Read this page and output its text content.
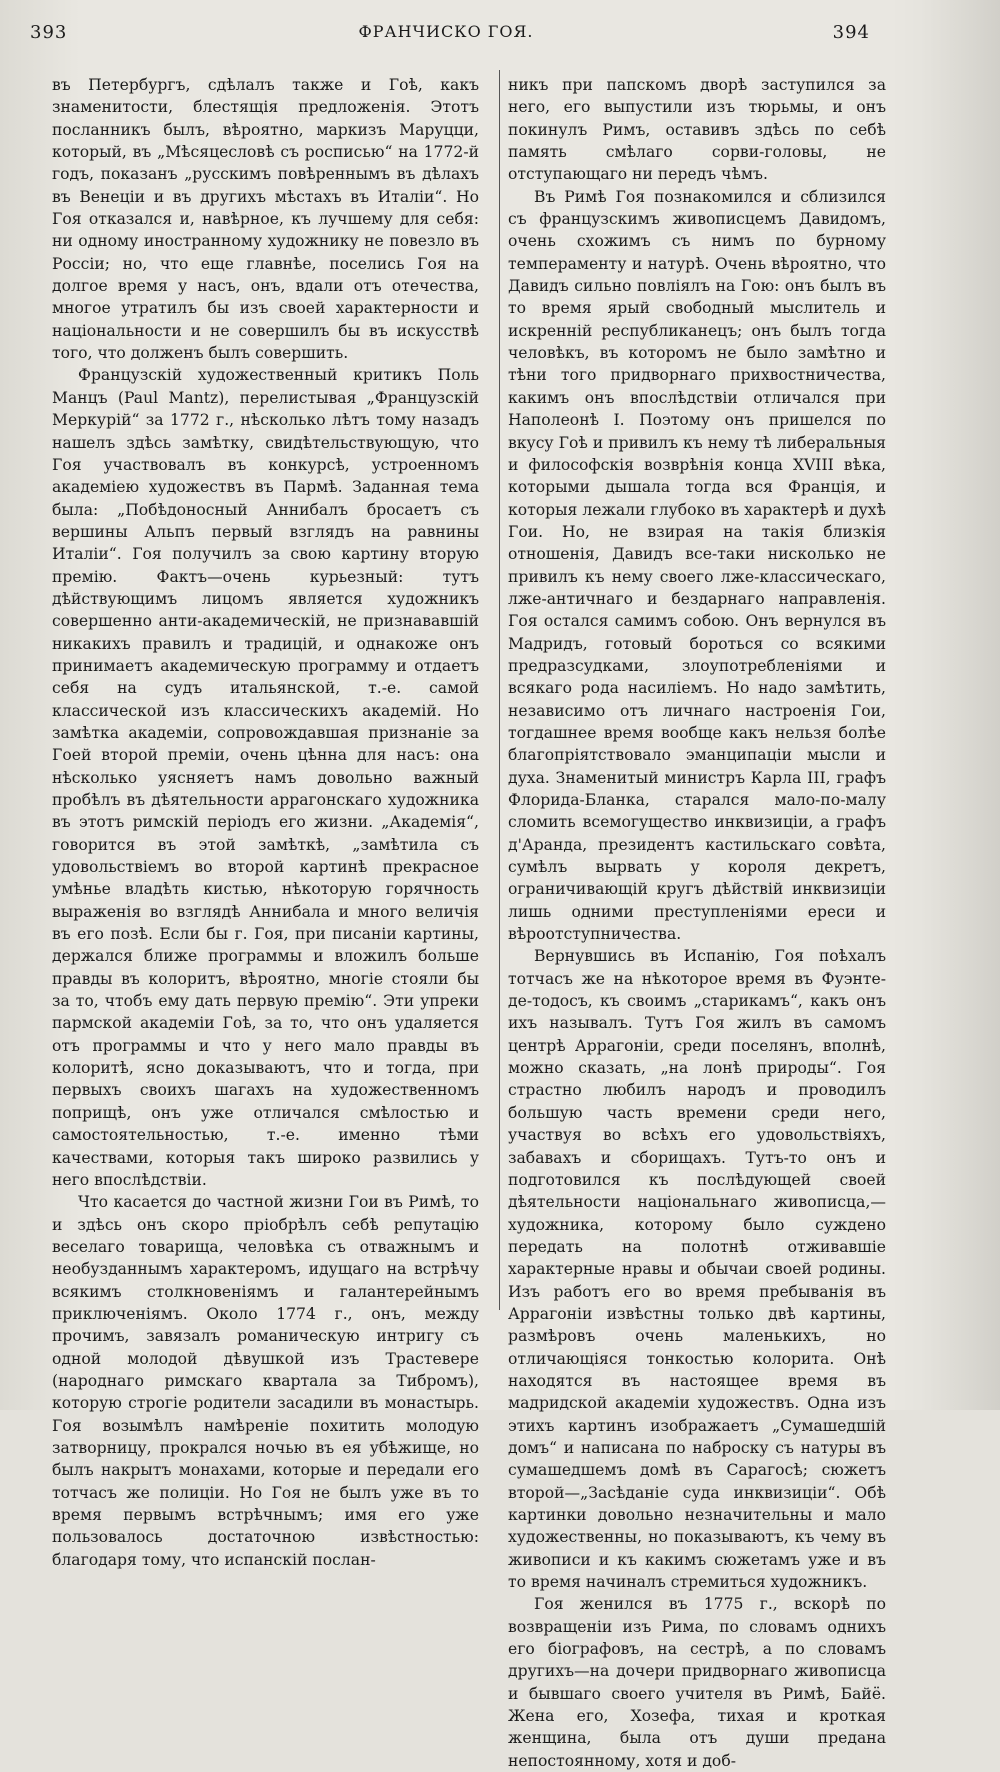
393	ФРАНЧИСКО ГОЯ.	394

въ Петербургъ, сдѣлалъ также и Гоѣ, какъ знаменитости, блестящія предложенія. Этотъ посланникъ былъ, вѣроятно, маркизъ Маруцци, который, въ „Мѣсяцесловѣ съ росписью“ на 1772-й годъ, показанъ „русскимъ повѣреннымъ въ дѣлахъ въ Венеціи и въ другихъ мѣстахъ въ Италіи“. Но Гоя отказался и, навѣрное, къ лучшему для себя: ни одному иностранному художнику не повезло въ Россіи; но, что еще главнѣе, поселись Гоя на долгое время у насъ, онъ, вдали отъ отечества, многое утратилъ бы изъ своей характерности и національности и не совершилъ бы въ искусствѣ того, что долженъ былъ совершить.

Французскій художественный критикъ Поль Манцъ (Paul Mantz), перелистывая „Французскій Меркурій“ за 1772 г., нѣсколько лѣтъ тому назадъ нашелъ здѣсь замѣтку, свидѣтельствующую, что Гоя участвовалъ въ конкурсѣ, устроенномъ академіею художествъ въ Пармѣ. Заданная тема была: „Побѣдоносный Аннибалъ бросаетъ съ вершины Альпъ первый взглядъ на равнины Италіи“. Гоя получилъ за свою картину вторую премію. Фактъ—очень курьезный: тутъ дѣйствующимъ лицомъ является художникъ совершенно анти-академическій, не признававшій никакихъ правилъ и традицій, и однакоже онъ принимаетъ академическую программу и отдаетъ себя на судъ итальянской, т.-е. самой классической изъ классическихъ академій. Но замѣтка академіи, сопровождавшая признаніе за Гоей второй преміи, очень цѣнна для насъ: она нѣсколько уясняетъ намъ довольно важный пробѣлъ въ дѣятельности аррагонскаго художника въ этотъ римскій періодъ его жизни. „Академія“, говорится въ этой замѣткѣ, „замѣтила съ удовольствіемъ во второй картинѣ прекрасное умѣнье владѣть кистью, нѣкоторую горячность выраженія во взглядѣ Аннибала и много величія въ его позѣ. Если бы г. Гоя, при писаніи картины, держался ближе программы и вложилъ больше правды въ колоритъ, вѣроятно, многіе стояли бы за то, чтобъ ему дать первую премію“. Эти упреки пармской академіи Гоѣ, за то, что онъ удаляется отъ программы и что у него мало правды въ колоритѣ, ясно доказываютъ, что и тогда, при первыхъ своихъ шагахъ на художественномъ поприщѣ, онъ уже отличался смѣлостью и самостоятельностью, т.-е. именно тѣми качествами, которыя такъ широко развились у него впослѣдствіи.

Что касается до частной жизни Гои въ Римѣ, то и здѣсь онъ скоро пріобрѣлъ себѣ репутацію веселаго товарища, человѣка съ отважнымъ и необузданнымъ характеромъ, идущаго на встрѣчу всякимъ столкновеніямъ и галантерейнымъ приключеніямъ. Около 1774 г., онъ, между прочимъ, завязалъ романическую интригу съ одной молодой дѣвушкой изъ Трастевере (народнаго римскаго квартала за Тибромъ), которую строгіе родители засадили въ монастырь. Гоя возымѣлъ намѣреніе похитить молодую затворницу, прокрался ночью въ ея убѣжище, но былъ накрытъ монахами, которые и передали его тотчасъ же полиціи. Но Гоя не былъ уже въ то время первымъ встрѣчнымъ; имя его уже пользовалось достаточною извѣстностью: благодаря тому, что испанскій послан-

никъ при папскомъ дворѣ заступился за него, его выпустили изъ тюрьмы, и онъ покинулъ Римъ, оставивъ здѣсь по себѣ память смѣлаго сорви-головы, не отступающаго ни передъ чѣмъ.

Въ Римѣ Гоя познакомился и сблизился съ французскимъ живописцемъ Давидомъ, очень схожимъ съ нимъ по бурному темпераменту и натурѣ. Очень вѣроятно, что Давидъ сильно повліялъ на Гою: онъ былъ въ то время ярый свободный мыслитель и искренній республиканецъ; онъ былъ тогда человѣкъ, въ которомъ не было замѣтно и тѣни того придворнаго прихвостничества, какимъ онъ впослѣдствіи отличался при Наполеонѣ I. Поэтому онъ пришелся по вкусу Гоѣ и привилъ къ нему тѣ либеральныя и философскія возврѣнія конца XVIII вѣка, которыми дышала тогда вся Франція, и которыя лежали глубоко въ характерѣ и духѣ Гои. Но, не взирая на такія близкія отношенія, Давидъ все-таки нисколько не привилъ къ нему своего лже-классическаго, лже-античнаго и бездарнаго направленія. Гоя остался самимъ собою. Онъ вернулся въ Мадридъ, готовый бороться со всякими предразсудками, злоупотребленіями и всякаго рода насиліемъ. Но надо замѣтить, независимо отъ личнаго настроенія Гои, тогдашнее время вообще какъ нельзя болѣе благопріятствовало эманципаціи мысли и духа. Знаменитый министръ Карла III, графъ Флорида-Бланка, старался мало-по-малу сломить всемогущество инквизиціи, а графъ д'Аранда, президентъ кастильскаго совѣта, сумѣлъ вырвать у короля декретъ, ограничивающій кругъ дѣйствій инквизиціи лишь одними преступленіями ереси и вѣроотступничества.

Вернувшись въ Испанію, Гоя поѣхалъ тотчасъ же на нѣкоторое время въ Фуэнте-де-тодосъ, къ своимъ „старикамъ“, какъ онъ ихъ называлъ. Тутъ Гоя жилъ въ самомъ центрѣ Аррагоніи, среди поселянъ, вполнѣ, можно сказать, „на лонѣ природы“. Гоя страстно любилъ народъ и проводилъ большую часть времени среди него, участвуя во всѣхъ его удовольствіяхъ, забавахъ и сборищахъ. Тутъ-то онъ и подготовился къ послѣдующей своей дѣятельности національнаго живописца,—художника, которому было суждено передать на полотнѣ отживавшіе характерные нравы и обычаи своей родины. Изъ работъ его во время пребыванія въ Аррагоніи извѣстны только двѣ картины, размѣровъ очень маленькихъ, но отличающіяся тонкостью колорита. Онѣ находятся въ настоящее время въ мадридской академіи художествъ. Одна изъ этихъ картинъ изображаетъ „Сумашедшій домъ“ и написана по наброску съ натуры въ сумашедшемъ домѣ въ Сарагосѣ; сюжетъ второй—„Засѣданіе суда инквизиціи“. Обѣ картинки довольно незначительны и мало художественны, но показываютъ, къ чему въ живописи и къ какимъ сюжетамъ уже и въ то время начиналъ стремиться художникъ.

Гоя женился въ 1775 г., вскорѣ по возвращеніи изъ Рима, по словамъ однихъ его біографовъ, на сестрѣ, а по словамъ другихъ—на дочери придворнаго живописца и бывшаго своего учителя въ Римѣ, Байё. Жена его, Хозефа, тихая и кроткая женщина, была отъ души предана непостоянному, хотя и доб-
